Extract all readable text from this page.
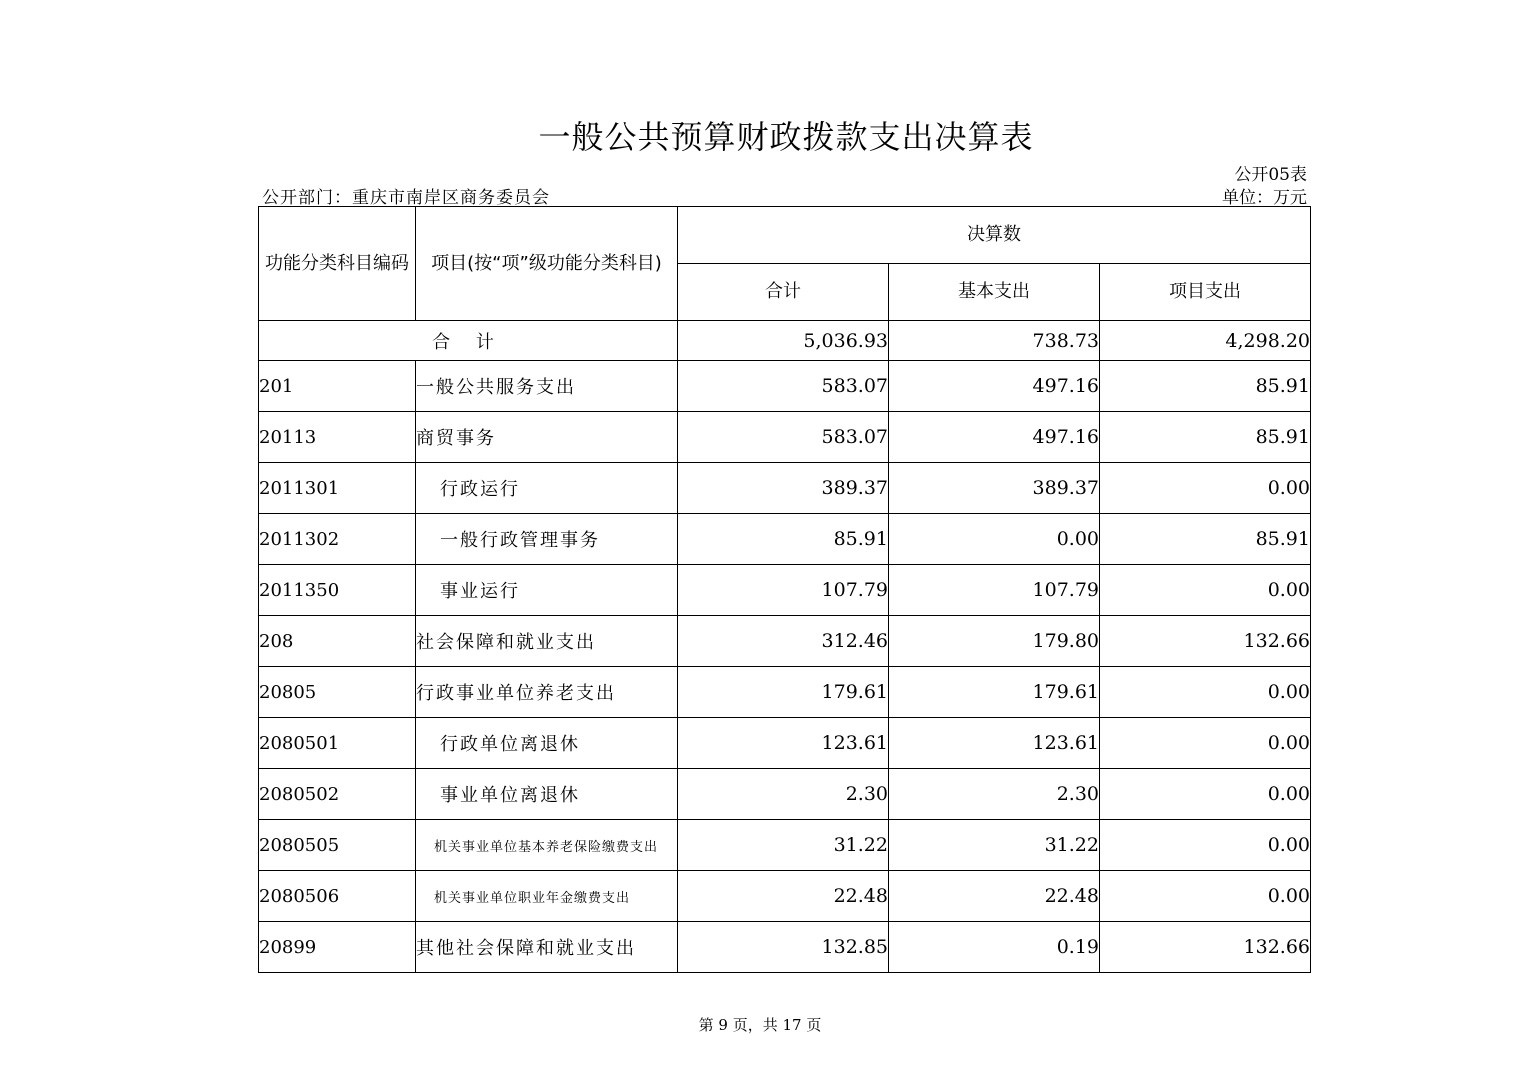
一般公共预算财政拨款支出决算表
公开05表
公开部门：重庆市南岸区商务委员会	单位：万元
功能分类科目编码	项目(按“项”级功能分类科目)	决算数		
		合计	基本支出	项目支出
合 计		5,036.93	738.73	4,298.20
201	一般公共服务支出	583.07	497.16	85.91
20113	商贸事务	583.07	497.16	85.91
2011301	行政运行	389.37	389.37	0.00
2011302	一般行政管理事务	85.91	0.00	85.91
2011350	事业运行	107.79	107.79	0.00
208	社会保障和就业支出	312.46	179.80	132.66
20805	行政事业单位养老支出	179.61	179.61	0.00
2080501	行政单位离退休	123.61	123.61	0.00
2080502	事业单位离退休	2.30	2.30	0.00
2080505	机关事业单位基本养老保险缴费支出	31.22	31.22	0.00
2080506	机关事业单位职业年金缴费支出	22.48	22.48	0.00
20899	其他社会保障和就业支出	132.85	0.19	132.66
第 9 页，共 17 页
